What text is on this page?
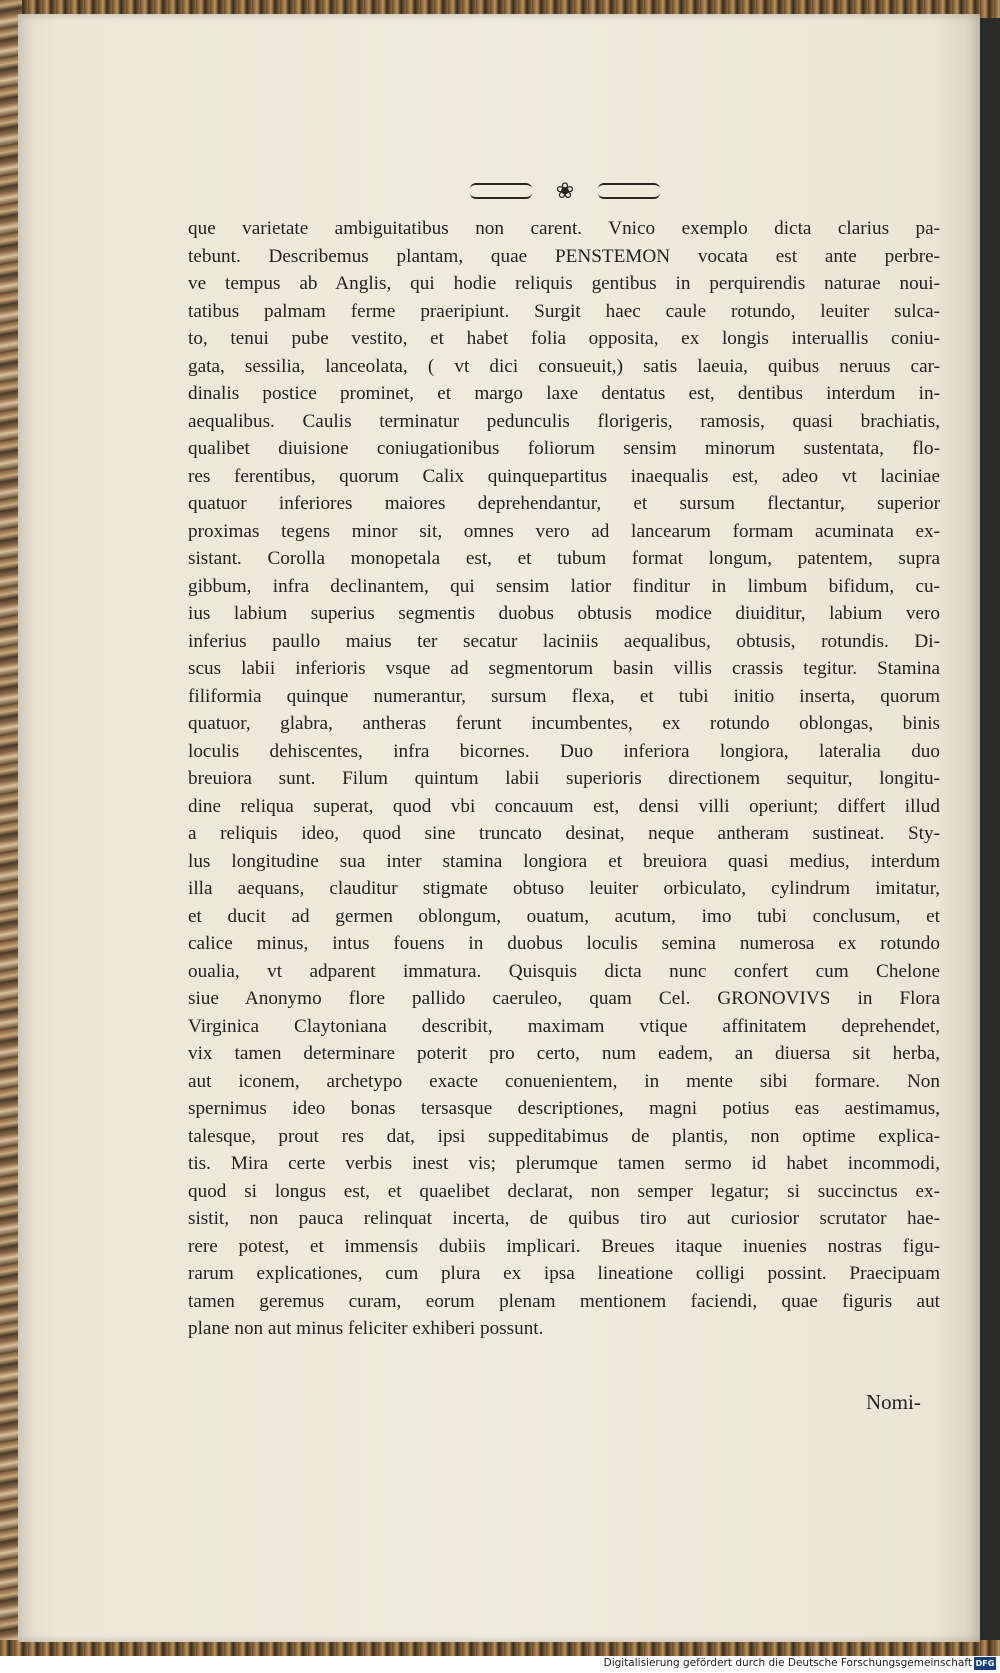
❀
que varietate ambiguitatibus non carent. Vnico exemplo dicta clarius pa-
tebunt. Describemus plantam, quae PENSTEMON vocata est ante perbre-
ve tempus ab Anglis, qui hodie reliquis gentibus in perquirendis naturae noui-
tatibus palmam ferme praeripiunt. Surgit haec caule rotundo, leuiter sulca-
to, tenui pube vestito, et habet folia opposita, ex longis interuallis coniu-
gata, sessilia, lanceolata, ( vt dici consueuit,) satis laeuia, quibus neruus car-
dinalis postice prominet, et margo laxe dentatus est, dentibus interdum in-
aequalibus. Caulis terminatur pedunculis florigeris, ramosis, quasi brachiatis,
qualibet diuisione coniugationibus foliorum sensim minorum sustentata, flo-
res ferentibus, quorum Calix quinquepartitus inaequalis est, adeo vt laciniae
quatuor inferiores maiores deprehendantur, et sursum flectantur, superior
proximas tegens minor sit, omnes vero ad lancearum formam acuminata ex-
sistant. Corolla monopetala est, et tubum format longum, patentem, supra
gibbum, infra declinantem, qui sensim latior finditur in limbum bifidum, cu-
ius labium superius segmentis duobus obtusis modice diuiditur, labium vero
inferius paullo maius ter secatur laciniis aequalibus, obtusis, rotundis. Di-
scus labii inferioris vsque ad segmentorum basin villis crassis tegitur. Stamina
filiformia quinque numerantur, sursum flexa, et tubi initio inserta, quorum
quatuor, glabra, antheras ferunt incumbentes, ex rotundo oblongas, binis
loculis dehiscentes, infra bicornes. Duo inferiora longiora, lateralia duo
breuiora sunt. Filum quintum labii superioris directionem sequitur, longitu-
dine reliqua superat, quod vbi concauum est, densi villi operiunt; differt illud
a reliquis ideo, quod sine truncato desinat, neque antheram sustineat. Sty-
lus longitudine sua inter stamina longiora et breuiora quasi medius, interdum
illa aequans, clauditur stigmate obtuso leuiter orbiculato, cylindrum imitatur,
et ducit ad germen oblongum, ouatum, acutum, imo tubi conclusum, et
calice minus, intus fouens in duobus loculis semina numerosa ex rotundo
oualia, vt adparent immatura. Quisquis dicta nunc confert cum Chelone
siue Anonymo flore pallido caeruleo, quam Cel. GRONOVIVS in Flora
Virginica Claytoniana describit, maximam vtique affinitatem deprehendet,
vix tamen determinare poterit pro certo, num eadem, an diuersa sit herba,
aut iconem, archetypo exacte conuenientem, in mente sibi formare. Non
spernimus ideo bonas tersasque descriptiones, magni potius eas aestimamus,
talesque, prout res dat, ipsi suppeditabimus de plantis, non optime explica-
tis. Mira certe verbis inest vis; plerumque tamen sermo id habet incommodi,
quod si longus est, et quaelibet declarat, non semper legatur; si succinctus ex-
sistit, non pauca relinquat incerta, de quibus tiro aut curiosior scrutator hae-
rere potest, et immensis dubiis implicari. Breues itaque inuenies nostras figu-
rarum explicationes, cum plura ex ipsa lineatione colligi possint. Praecipuam
tamen geremus curam, eorum plenam mentionem faciendi, quae figuris aut
plane non aut minus feliciter exhiberi possunt.
Nomi-
Digitalisierung gefördert durch die Deutsche Forschungsgemeinschaft DFG
